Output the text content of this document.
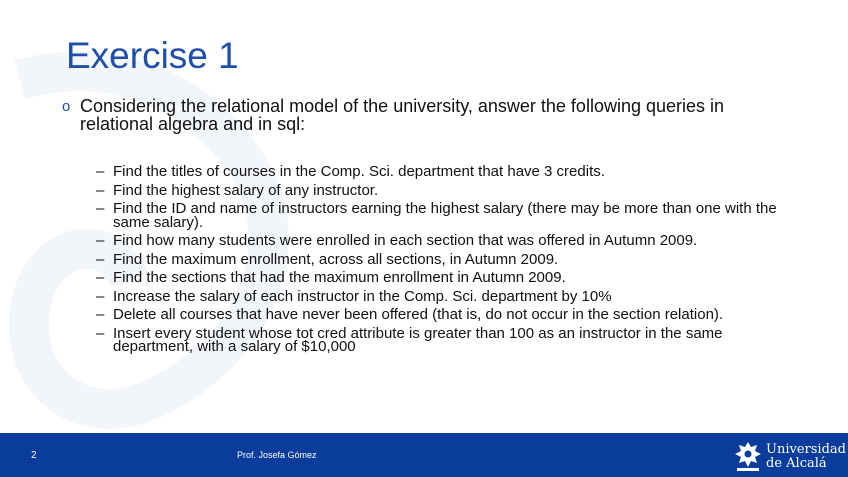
Exercise 1
o Considering the relational model of the university, answer the following queries in relational algebra and in sql:
– Find the titles of courses in the Comp. Sci. department that have 3 credits.
– Find the highest salary of any instructor.
– Find the ID and name of instructors earning the highest salary (there may be more than one with the same salary).
– Find how many students were enrolled in each section that was offered in Autumn 2009.
– Find the maximum enrollment, across all sections, in Autumn 2009.
– Find the sections that had the maximum enrollment in Autumn 2009.
– Increase the salary of each instructor in the Comp. Sci. department by 10%
– Delete all courses that have never been offered (that is, do not occur in the section relation).
– Insert every student whose tot cred attribute is greater than 100 as an instructor in the same department, with a salary of $10,000
2	Prof. Josefa Gómez	Universidad
de Alcalá
